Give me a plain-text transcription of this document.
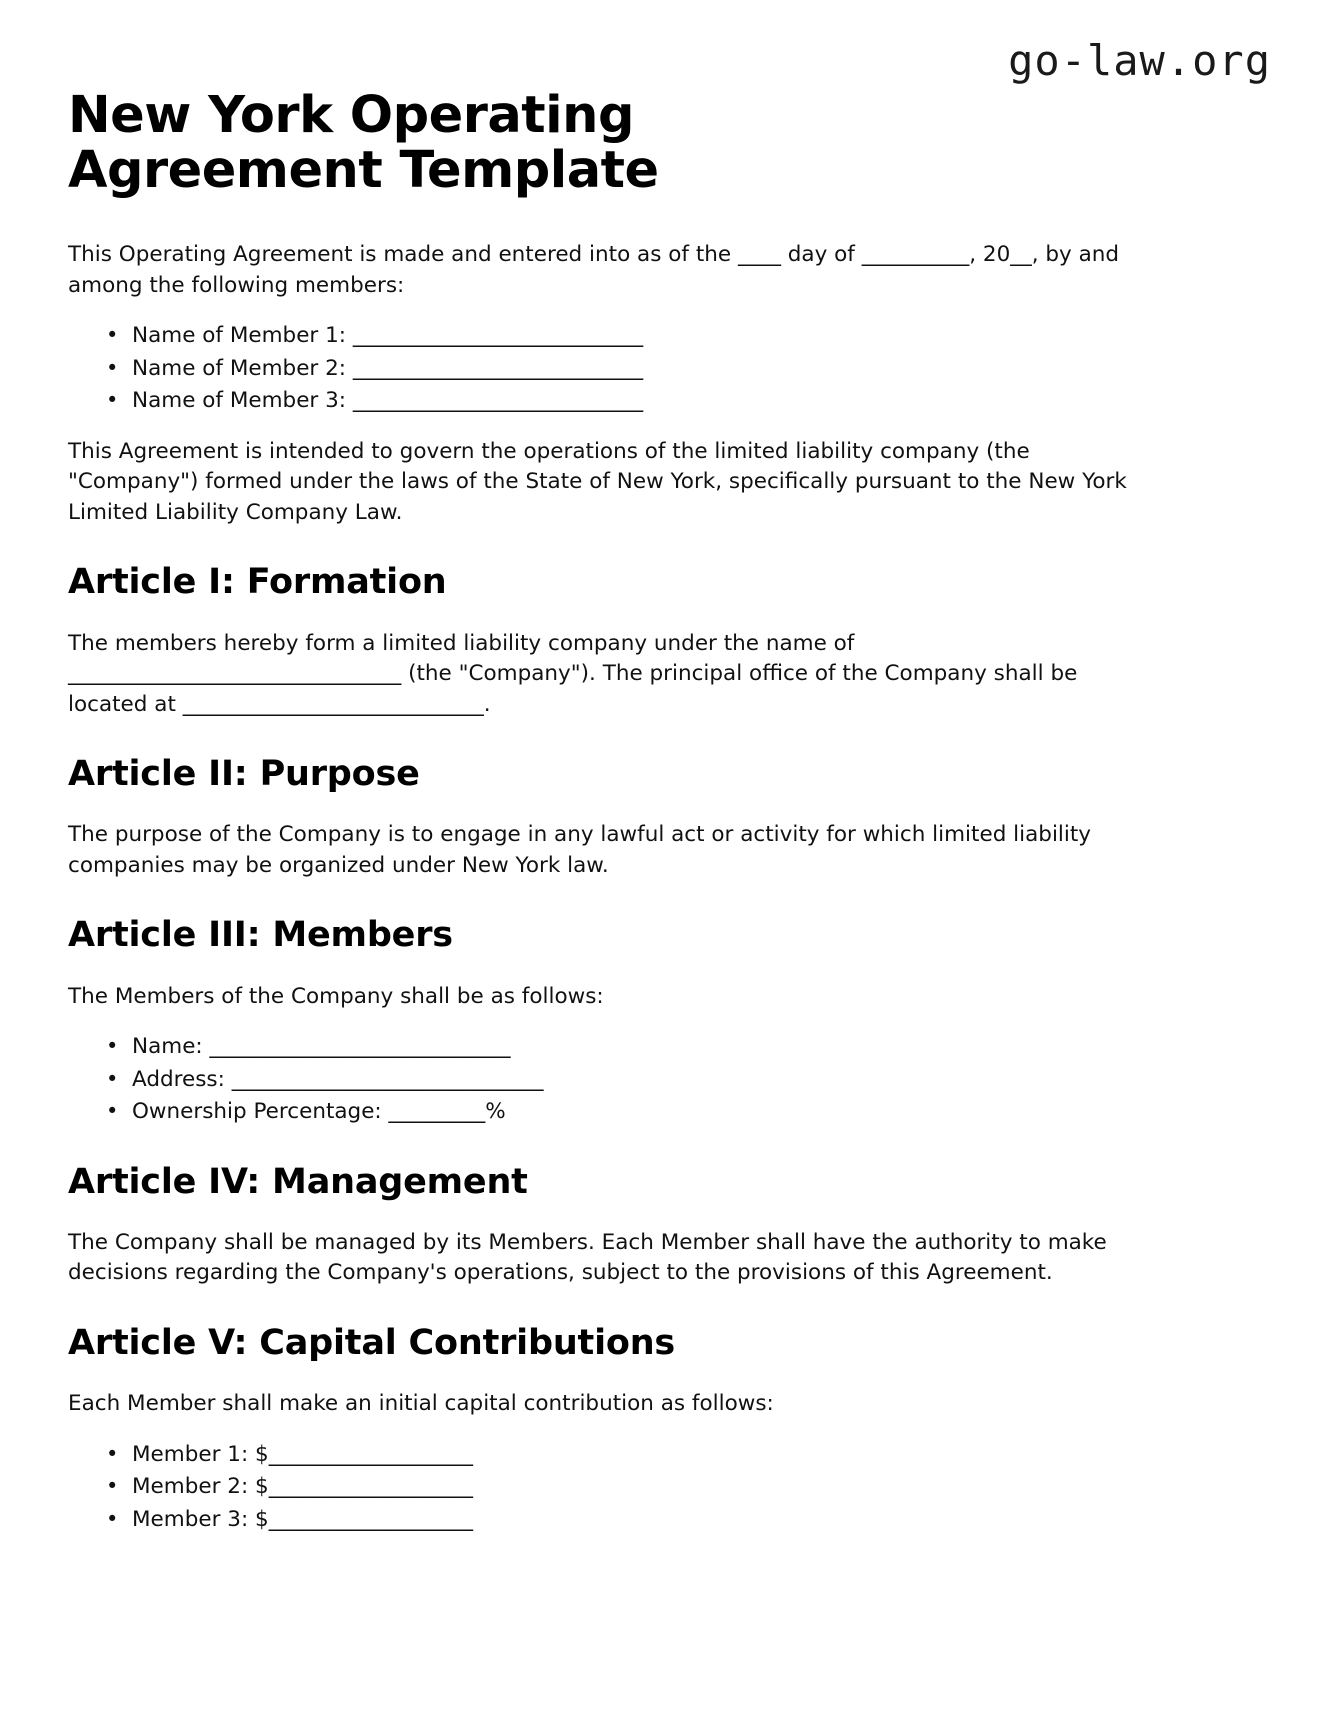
go-law.org
New York Operating Agreement Template

This Operating Agreement is made and entered into as of the ____ day of __________, 20__, by and among the following members:

• Name of Member 1: ___________________________
• Name of Member 2: ___________________________
• Name of Member 3: ___________________________

This Agreement is intended to govern the operations of the limited liability company (the "Company") formed under the laws of the State of New York, specifically pursuant to the New York Limited Liability Company Law.

Article I: Formation

The members hereby form a limited liability company under the name of _______________________________ (the "Company"). The principal office of the Company shall be located at ____________________________.

Article II: Purpose

The purpose of the Company is to engage in any lawful act or activity for which limited liability companies may be organized under New York law.

Article III: Members

The Members of the Company shall be as follows:

• Name: ____________________________
• Address: _____________________________
• Ownership Percentage: _________%
Article IV: Management

The Company shall be managed by its Members. Each Member shall have the authority to make decisions regarding the Company's operations, subject to the provisions of this Agreement.

Article V: Capital Contributions

Each Member shall make an initial capital contribution as follows:

• Member 1: $___________________
• Member 2: $___________________
• Member 3: $___________________
